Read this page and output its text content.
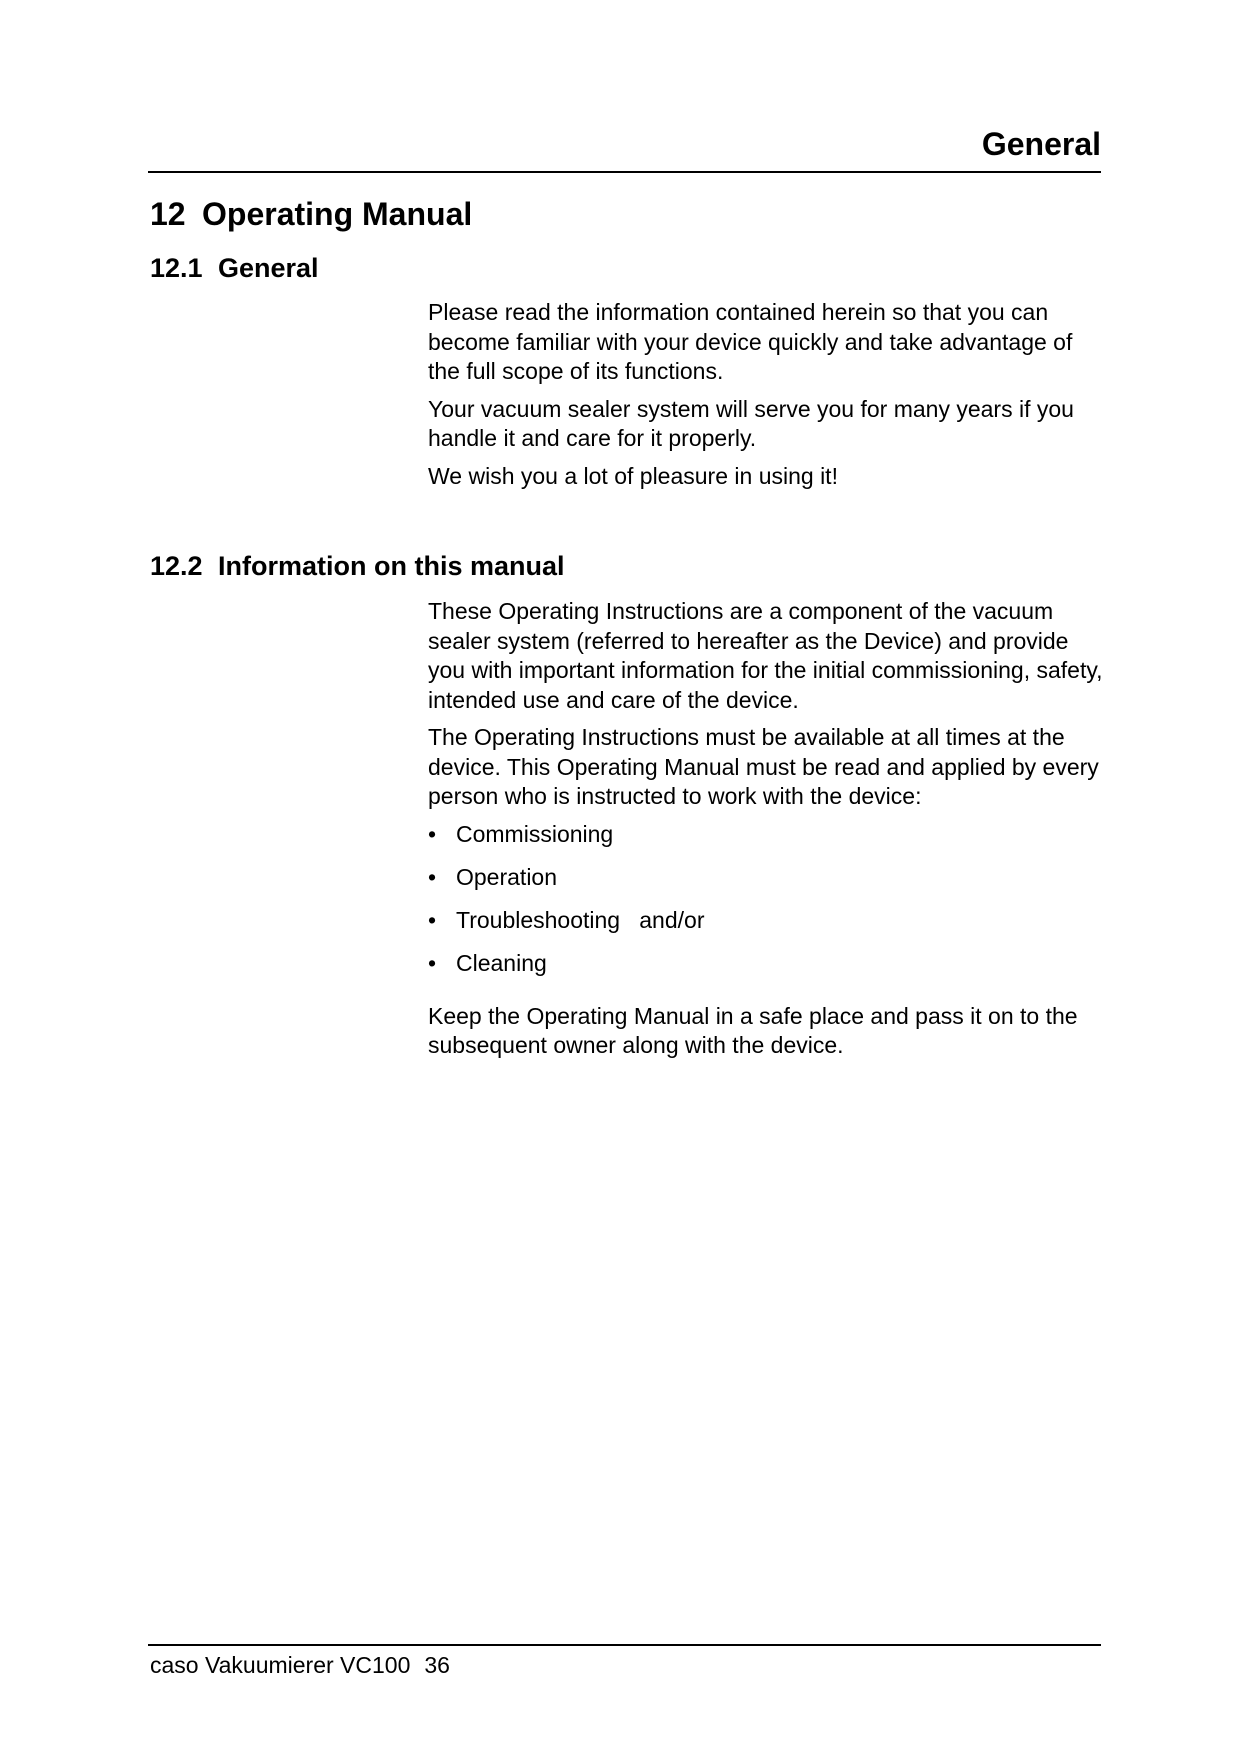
General
12 Operating Manual
12.1 General

Please read the information contained herein so that you can become familiar with your device quickly and take advantage of the full scope of its functions.

Your vacuum sealer system will serve you for many years if you handle it and care for it properly.

We wish you a lot of pleasure in using it!

12.2 Information on this manual

These Operating Instructions are a component of the vacuum sealer system (referred to hereafter as the Device) and provide you with important information for the initial commissioning, safety, intended use and care of the device.

The Operating Instructions must be available at all times at the device. This Operating Manual must be read and applied by every person who is instructed to work with the device:

• Commissioning
• Operation
• Troubleshooting   and/or
• Cleaning

Keep the Operating Manual in a safe place and pass it on to the subsequent owner along with the device.

caso Vakuumierer VC100 36
